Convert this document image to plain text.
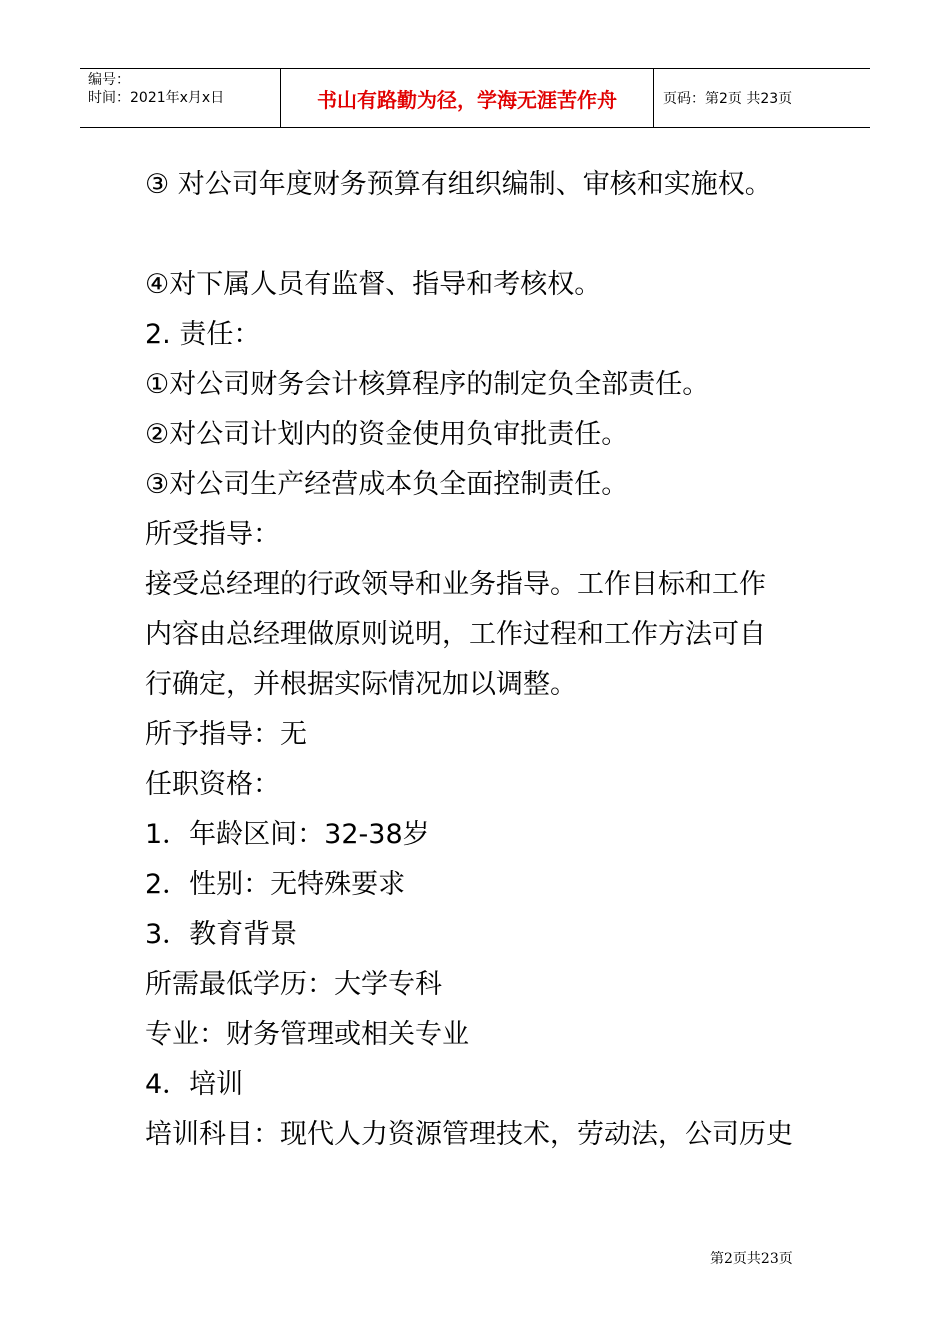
编号：
时间：2021年x月x日	书山有路勤为径，学海无涯苦作舟	页码：第2页 共23页

③ 对公司年度财务预算有组织编制、审核和实施权。

④对下属人员有监督、指导和考核权。

2. 责任：

①对公司财务会计核算程序的制定负全部责任。

②对公司计划内的资金使用负审批责任。

③对公司生产经营成本负全面控制责任。

所受指导：

接受总经理的行政领导和业务指导。工作目标和工作

内容由总经理做原则说明，工作过程和工作方法可自

行确定，并根据实际情况加以调整。

所予指导：无

任职资格：

1．年龄区间：32-38岁

2．性别：无特殊要求

3．教育背景

所需最低学历：大学专科

专业：财务管理或相关专业

4．培训

培训科目：现代人力资源管理技术，劳动法，公司历史

第2页共23页
